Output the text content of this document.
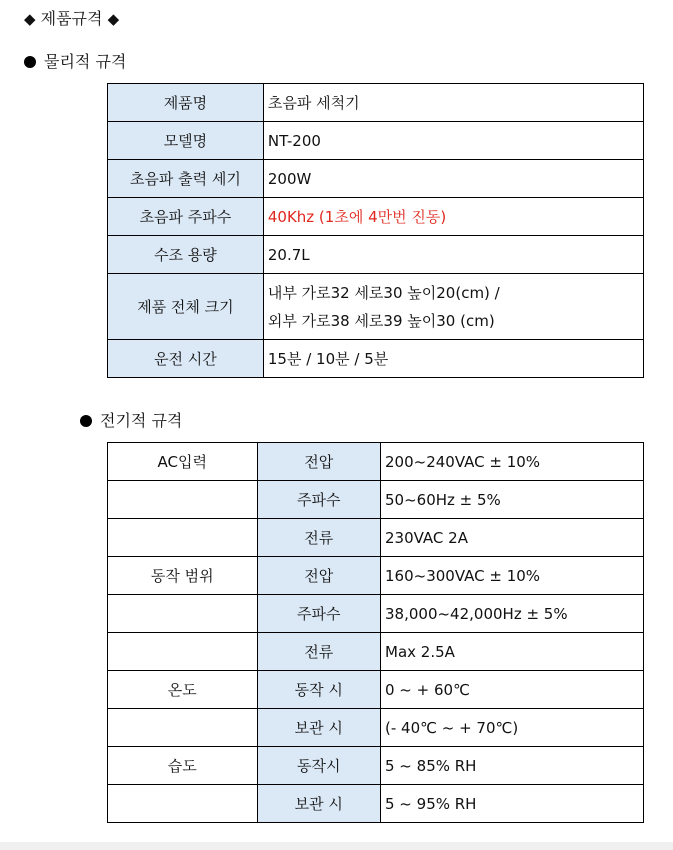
◆ 제품규격 ◆
물리적 규격
제품명	초음파 세척기
모델명	NT-200
초음파 출력 세기	200W
초음파 주파수	40Khz (1초에 4만번 진동)
수조 용량	20.7L
제품 전체 크기	내부 가로32 세로30 높이20(cm) /
외부 가로38 세로39 높이30 (cm)

운전 시간	15분 / 10분 / 5분
전기적 규격
AC입력	전압	200~240VAC ± 10%
	주파수	50~60Hz ± 5%
	전류	230VAC 2A
동작 범위	전압	160~300VAC ± 10%
	주파수	38,000~42,000Hz ± 5%
	전류	Max 2.5A
온도	동작 시	0 ~ + 60℃
	보관 시	(- 40℃ ~ + 70℃)
습도	동작시	5 ~ 85% RH
	보관 시	5 ~ 95% RH
